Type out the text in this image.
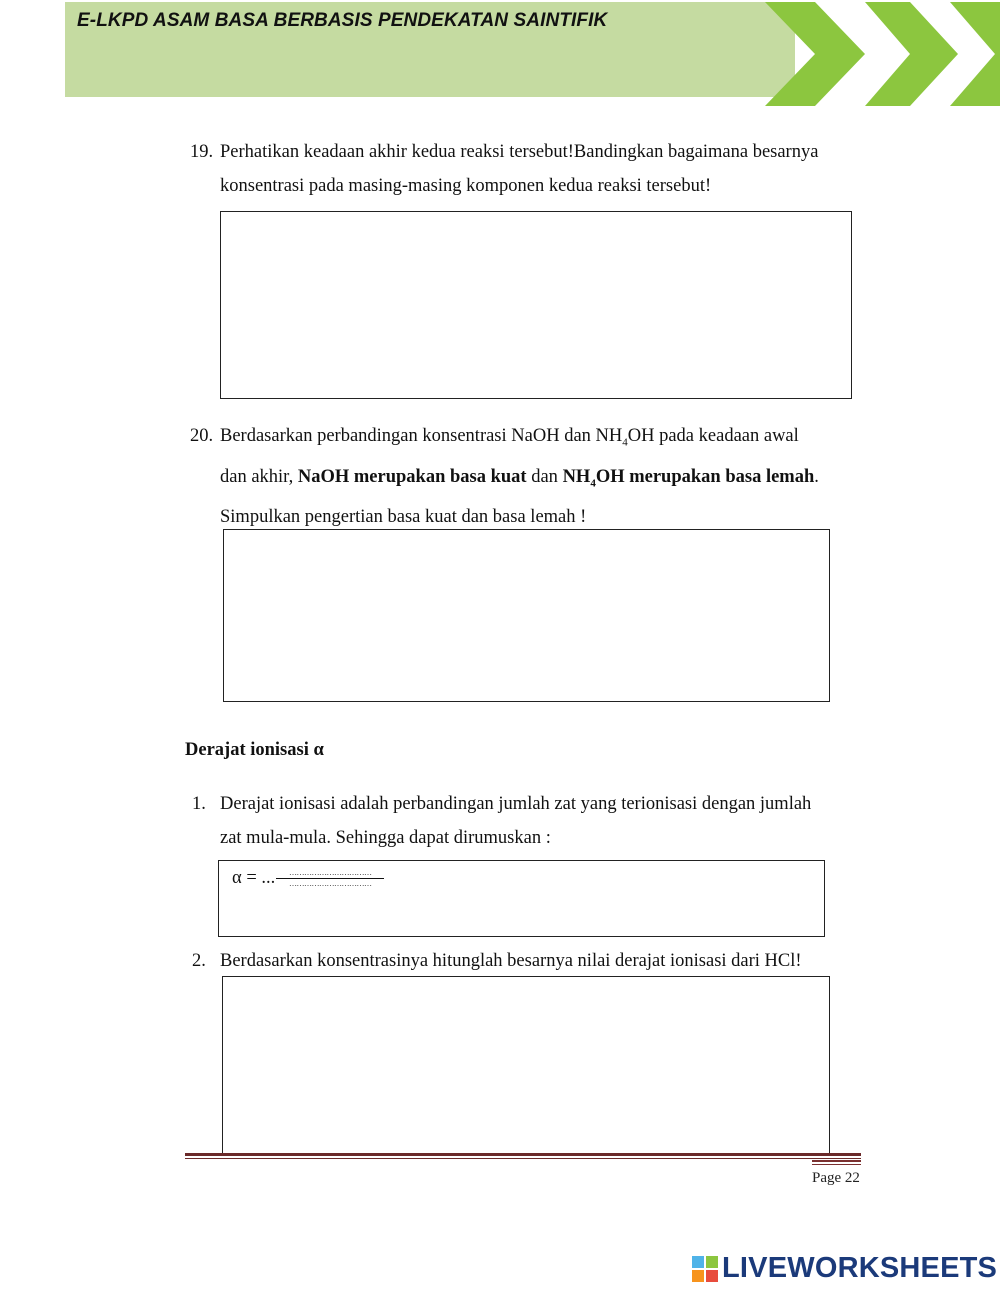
E-LKPD ASAM BASA BERBASIS PENDEKATAN SAINTIFIK
19. Perhatikan keadaan akhir kedua reaksi tersebut!Bandingkan bagaimana besarnya
konsentrasi pada masing-masing komponen kedua reaksi tersebut!
20. Berdasarkan perbandingan konsentrasi NaOH dan $NH_4OH$ pada keadaan awal
dan akhir, NaOH merupakan basa kuat dan $NH_4OH$ merupakan basa lemah.
Simpulkan pengertian basa kuat dan basa lemah !
Derajat ionisasi α
1. Derajat ionisasi adalah perbandingan jumlah zat yang terionisasi dengan jumlah
zat mula-mula. Sehingga dapat dirumuskan :
α = ... $\frac{\dots\dots\dots\dots\dots\dots\dots\dots\dots\dots\dots}{\dots\dots\dots\dots\dots\dots\dots\dots\dots\dots\dots}$
2. Berdasarkan konsentrasinya hitunglah besarnya nilai derajat ionisasi dari HCl!
Page 22
LIVEWORKSHEETS
